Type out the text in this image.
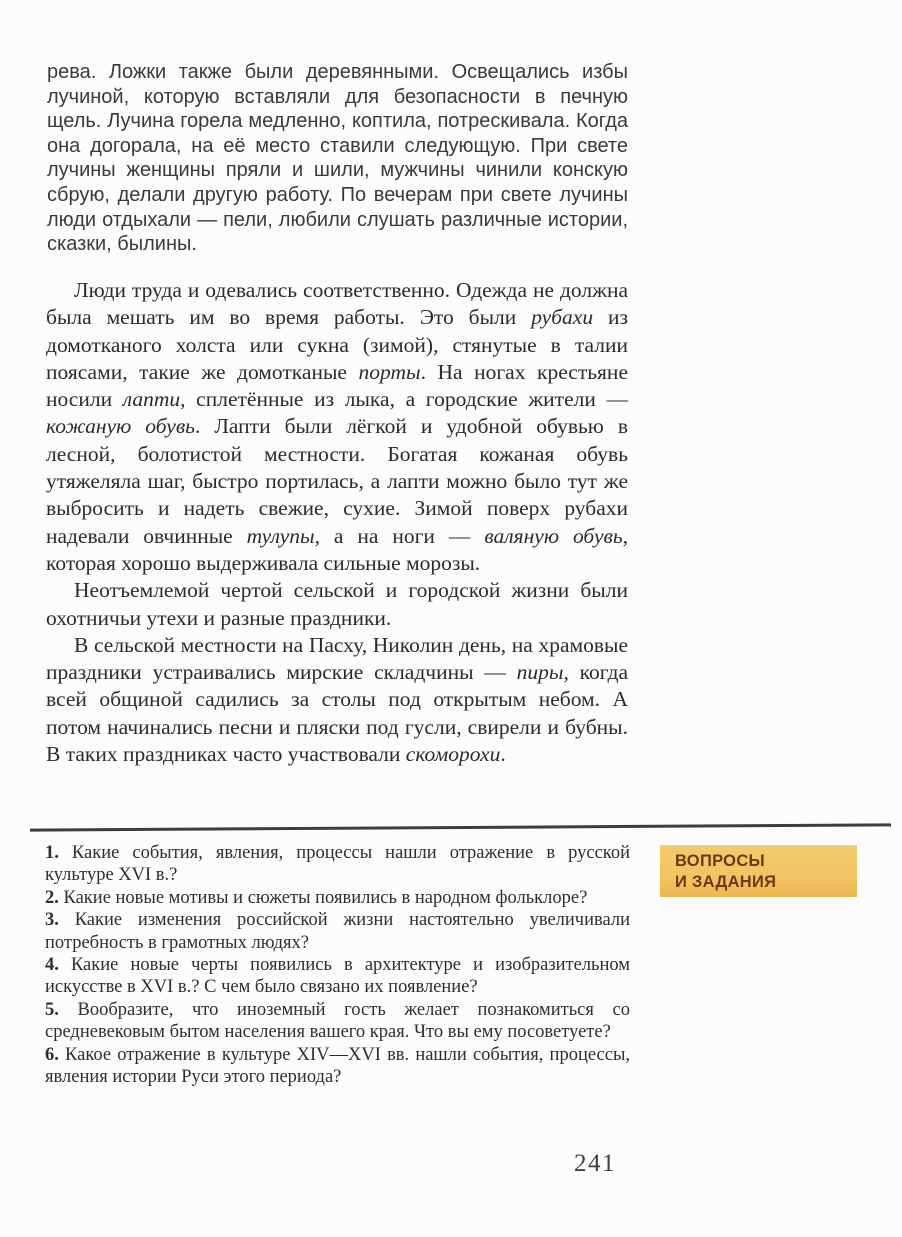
рева. Ложки также были деревянными. Освещались избы лучиной, которую вставляли для безопасности в печную щель. Лучина горела медленно, коптила, потрескивала. Когда она догорала, на её место ставили следующую. При свете лучины женщины пряли и шили, мужчины чинили конскую сбрую, делали другую работу. По вечерам при свете лучины люди отдыхали — пели, любили слушать различные истории, сказки, былины.

Люди труда и одевались соответственно. Одежда не должна была мешать им во время работы. Это были рубахи из домотканого холста или сукна (зимой), стянутые в талии поясами, такие же домотканые порты. На ногах крестьяне носили лапти, сплетённые из лыка, а городские жители — кожаную обувь. Лапти были лёгкой и удобной обувью в лесной, болотистой местности. Богатая кожаная обувь утяжеляла шаг, быстро портилась, а лапти можно было тут же выбросить и надеть свежие, сухие. Зимой поверх рубахи надевали овчинные тулупы, а на ноги — валяную обувь, которая хорошо выдерживала сильные морозы.

Неотъемлемой чертой сельской и городской жизни были охотничьи утехи и разные праздники.

В сельской местности на Пасху, Николин день, на храмовые праздники устраивались мирские складчины — пиры, когда всей общиной садились за столы под открытым небом. А потом начинались песни и пляски под гусли, свирели и бубны. В таких праздниках часто участвовали скоморохи.

1. Какие события, явления, процессы нашли отражение в русской культуре XVI в.?

2. Какие новые мотивы и сюжеты появились в народном фольклоре?

3. Какие изменения российской жизни настоятельно увеличивали потребность в грамотных людях?

4. Какие новые черты появились в архитектуре и изобразительном искусстве в XVI в.? С чем было связано их появление?

5. Вообразите, что иноземный гость желает познакомиться со средневековым бытом населения вашего края. Что вы ему посоветуете?

6. Какое отражение в культуре XIV—XVI вв. нашли события, процессы, явления истории Руси этого периода?

ВОПРОСЫ
И ЗАДАНИЯ
241
